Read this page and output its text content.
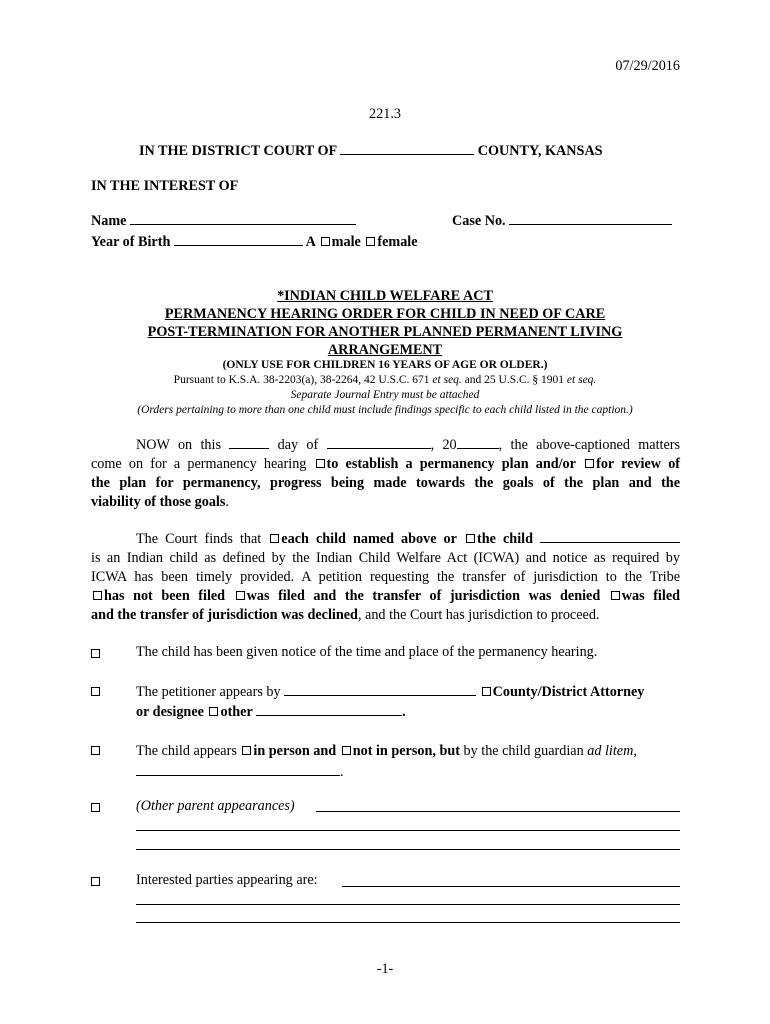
07/29/2016
221.3
IN THE DISTRICT COURT OF	COUNTY, KANSAS
IN THE INTEREST OF
Name	Case No.
Year of Birth	A male female
*INDIAN CHILD WELFARE ACT
PERMANENCY HEARING ORDER FOR CHILD IN NEED OF CARE
POST-TERMINATION FOR ANOTHER PLANNED PERMANENT LIVING
ARRANGEMENT
(ONLY USE FOR CHILDREN 16 YEARS OF AGE OR OLDER.)
Pursuant to K.S.A. 38-2203(a), 38-2264, 42 U.S.C. 671 et seq. and 25 U.S.C. § 1901 et seq.
Separate Journal Entry must be attached
(Orders pertaining to more than one child must include findings specific to each child listed in the caption.)
NOW on this	day of	, 20	, the above-captioned matters
come on for a permanency hearing to establish a permanency plan and/or for review of
the plan for permanency, progress being made towards the goals of the plan and the
viability of those goals.
The Court finds that each child named above or the child
is an Indian child as defined by the Indian Child Welfare Act (ICWA) and notice as required by
ICWA has been timely provided. A petition requesting the transfer of jurisdiction to the Tribe
has not been filed was filed and the transfer of jurisdiction was denied was filed
and the transfer of jurisdiction was declined, and the Court has jurisdiction to proceed.
The child has been given notice of the time and place of the permanency hearing.
The petitioner appears by	County/District Attorney
or designee other	.
The child appears in person and not in person, but by the child guardian ad litem,
.
(Other parent appearances)
Interested parties appearing are:
-1-
